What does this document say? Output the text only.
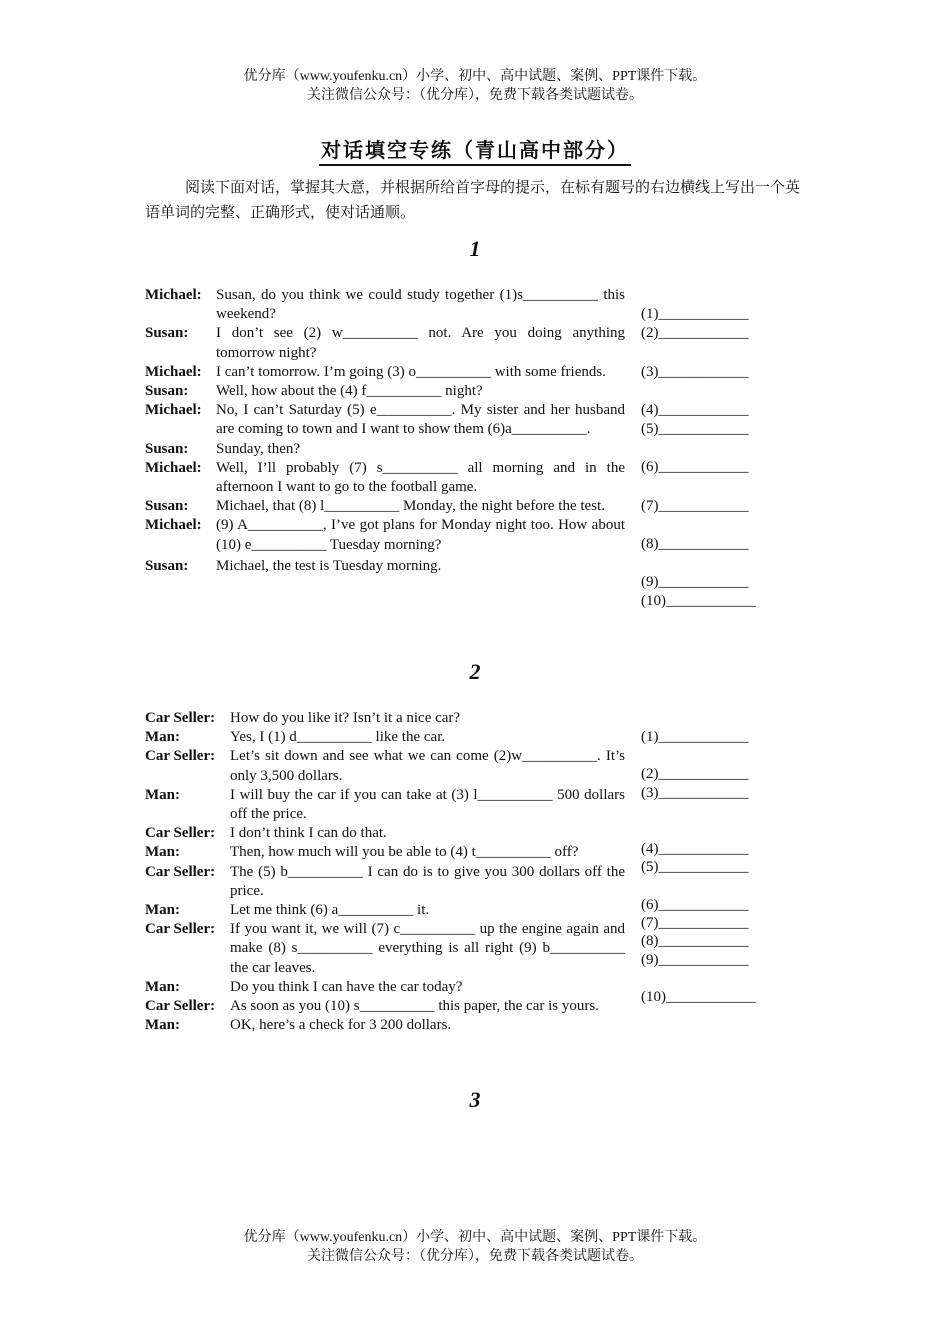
优分库（www.youfenku.cn）小学、初中、高中试题、案例、PPT课件下载。
关注微信公众号：（优分库），免费下载各类试题试卷。
对话填空专练（青山高中部分）
阅读下面对话，掌握其大意，并根据所给首字母的提示，在标有题号的右边横线上写出一个英语单词的完整、正确形式，使对话通顺。
1
Michael: Susan, do you think we could study together (1)s__________ this weekend?
Susan:	I don’t see (2) w__________ not. Are you doing anything tomorrow night?
Michael: I can’t tomorrow. I’m going (3) o__________ with some friends.
Susan:	Well, how about the (4) f__________ night?
Michael: No, I can’t Saturday (5) e__________. My sister and her husband are coming to town and I want to show them (6)a__________.
Susan:	Sunday, then?
Michael: Well, I’ll probably (7) s__________ all morning and in the afternoon I want to go to the football game.
Susan:	Michael, that (8) l__________ Monday, the night before the test.
Michael: (9) A__________, I’ve got plans for Monday night too. How about (10) e__________ Tuesday morning?
Susan:	Michael, the test is Tuesday morning.
(1)____________
(2)____________
(3)____________
(4)____________
(5)____________
(6)____________
(7)____________
(8)____________
(9)____________
(10)____________
2
Car Seller: How do you like it? Isn’t it a nice car?
Man:	Yes, I (1) d__________ like the car.
Car Seller: Let’s sit down and see what we can come (2)w__________. It’s only 3,500 dollars.
Man:	I will buy the car if you can take at (3) l__________ 500 dollars off the price.
Car Seller: I don’t think I can do that.
Man:	Then, how much will you be able to (4) t__________ off?
Car Seller: The (5) b__________ I can do is to give you 300 dollars off the price.
Man:	Let me think (6) a__________ it.
Car Seller: If you want it, we will (7) c__________ up the engine again and make (8) s__________ everything is all right (9) b__________ the car leaves.
Man:	Do you think I can have the car today?
Car Seller: As soon as you (10) s__________ this paper, the car is yours.
Man:	OK, here’s a check for 3 200 dollars.
(1)____________
(2)____________
(3)____________
(4)____________
(5)____________
(6)____________
(7)____________
(8)____________
(9)____________
(10)____________
3
优分库（www.youfenku.cn）小学、初中、高中试题、案例、PPT课件下载。
关注微信公众号：（优分库），免费下载各类试题试卷。
